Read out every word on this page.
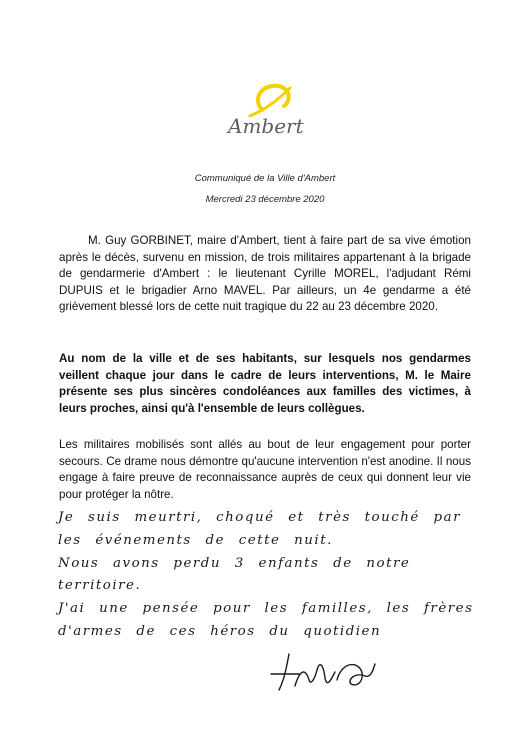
Ambert
Communiqué de la Ville d'Ambert
Mercredi 23 décembre 2020

M. Guy GORBINET, maire d'Ambert, tient à faire part de sa vive émotion après le décès, survenu en mission, de trois militaires appartenant à la brigade de gendarmerie d'Ambert : le lieutenant Cyrille MOREL, l'adjudant Rémi DUPUIS et le brigadier Arno MAVEL. Par ailleurs, un 4e gendarme a été grièvement blessé lors de cette nuit tragique du 22 au 23 décembre 2020.

Au nom de la ville et de ses habitants, sur lesquels nos gendarmes veillent chaque jour dans le cadre de leurs interventions, M. le Maire présente ses plus sincères condoléances aux familles des victimes, à leurs proches, ainsi qu'à l'ensemble de leurs collègues.

Les militaires mobilisés sont allés au bout de leur engagement pour porter secours. Ce drame nous démontre qu'aucune intervention n'est anodine. Il nous engage à faire preuve de reconnaissance auprès de ceux qui donnent leur vie pour protéger la nôtre.

Je suis meurtri, choqué et très touché par
les événements de cette nuit.
Nous avons perdu 3 enfants de notre
territoire.
J'ai une pensée pour les familles, les frères
d'armes de ces héros du quotidien
